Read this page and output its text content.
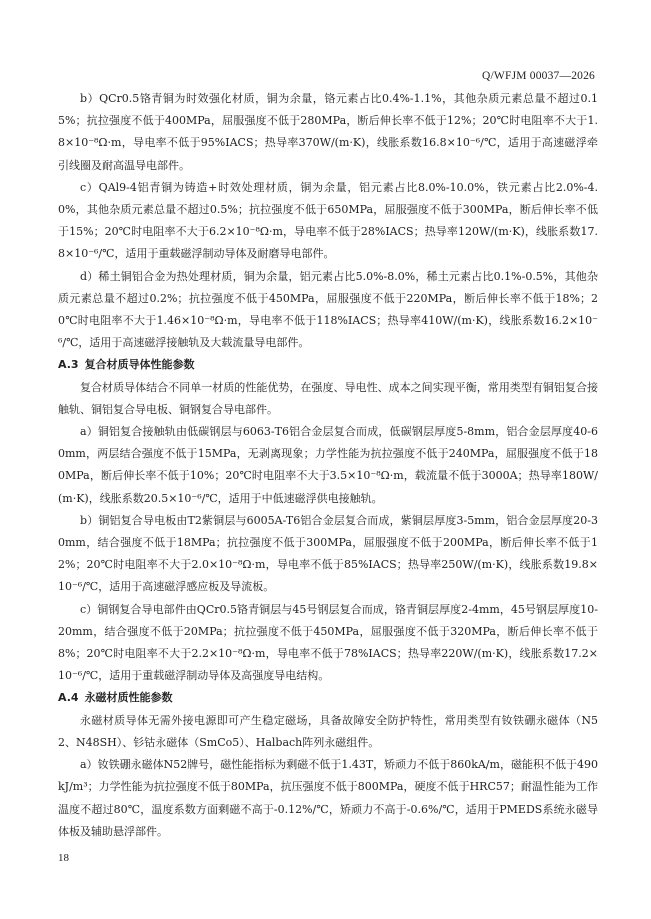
Q/WFJM 00037—2026

b）QCr0.5铬青铜为时效强化材质，铜为余量，铬元素占比0.4%-1.1%，其他杂质元素总量不超过0.15%；抗拉强度不低于400MPa，屈服强度不低于280MPa，断后伸长率不低于12%；20℃时电阻率不大于1.8×10⁻⁸Ω·m，导电率不低于95%IACS；热导率370W/(m·K)，线胀系数16.8×10⁻⁶/℃，适用于高速磁浮牵引线圈及耐高温导电部件。

c）QAl9-4铝青铜为铸造+时效处理材质，铜为余量，铝元素占比8.0%-10.0%，铁元素占比2.0%-4.0%，其他杂质元素总量不超过0.5%；抗拉强度不低于650MPa，屈服强度不低于300MPa，断后伸长率不低于15%；20℃时电阻率不大于6.2×10⁻⁸Ω·m，导电率不低于28%IACS；热导率120W/(m·K)，线胀系数17.8×10⁻⁶/℃，适用于重载磁浮制动导体及耐磨导电部件。

d）稀土铜铝合金为热处理材质，铜为余量，铝元素占比5.0%-8.0%，稀土元素占比0.1%-0.5%，其他杂质元素总量不超过0.2%；抗拉强度不低于450MPa，屈服强度不低于220MPa，断后伸长率不低于18%；20℃时电阻率不大于1.46×10⁻⁸Ω·m，导电率不低于118%IACS；热导率410W/(m·K)，线胀系数16.2×10⁻⁶/℃，适用于高速磁浮接触轨及大载流量导电部件。

A.3 复合材质导体性能参数

复合材质导体结合不同单一材质的性能优势，在强度、导电性、成本之间实现平衡，常用类型有铜铝复合接触轨、铜铝复合导电板、铜钢复合导电部件。

a）铜铝复合接触轨由低碳钢层与6063-T6铝合金层复合而成，低碳钢层厚度5-8mm，铝合金层厚度40-60mm，两层结合强度不低于15MPa，无剥离现象；力学性能为抗拉强度不低于240MPa，屈服强度不低于180MPa，断后伸长率不低于10%；20℃时电阻率不大于3.5×10⁻⁸Ω·m，载流量不低于3000A；热导率180W/(m·K)，线胀系数20.5×10⁻⁶/℃，适用于中低速磁浮供电接触轨。

b）铜铝复合导电板由T2紫铜层与6005A-T6铝合金层复合而成，紫铜层厚度3-5mm，铝合金层厚度20-30mm，结合强度不低于18MPa；抗拉强度不低于300MPa，屈服强度不低于200MPa，断后伸长率不低于12%；20℃时电阻率不大于2.0×10⁻⁸Ω·m，导电率不低于85%IACS；热导率250W/(m·K)，线胀系数19.8×10⁻⁶/℃，适用于高速磁浮感应板及导流板。

c）铜钢复合导电部件由QCr0.5铬青铜层与45号钢层复合而成，铬青铜层厚度2-4mm，45号钢层厚度10-20mm，结合强度不低于20MPa；抗拉强度不低于450MPa，屈服强度不低于320MPa，断后伸长率不低于8%；20℃时电阻率不大于2.2×10⁻⁸Ω·m，导电率不低于78%IACS；热导率220W/(m·K)，线胀系数17.2×10⁻⁶/℃，适用于重载磁浮制动导体及高强度导电结构。

A.4 永磁材质性能参数

永磁材质导体无需外接电源即可产生稳定磁场，具备故障安全防护特性，常用类型有钕铁硼永磁体（N52、N48SH）、钐钴永磁体（SmCo5）、Halbach阵列永磁组件。

a）钕铁硼永磁体N52牌号，磁性能指标为剩磁不低于1.43T，矫顽力不低于860kA/m，磁能积不低于490kJ/m³；力学性能为抗拉强度不低于80MPa，抗压强度不低于800MPa，硬度不低于HRC57；耐温性能为工作温度不超过80℃，温度系数方面剩磁不高于-0.12%/℃，矫顽力不高于-0.6%/℃，适用于PMEDS系统永磁导体板及辅助悬浮部件。

18
